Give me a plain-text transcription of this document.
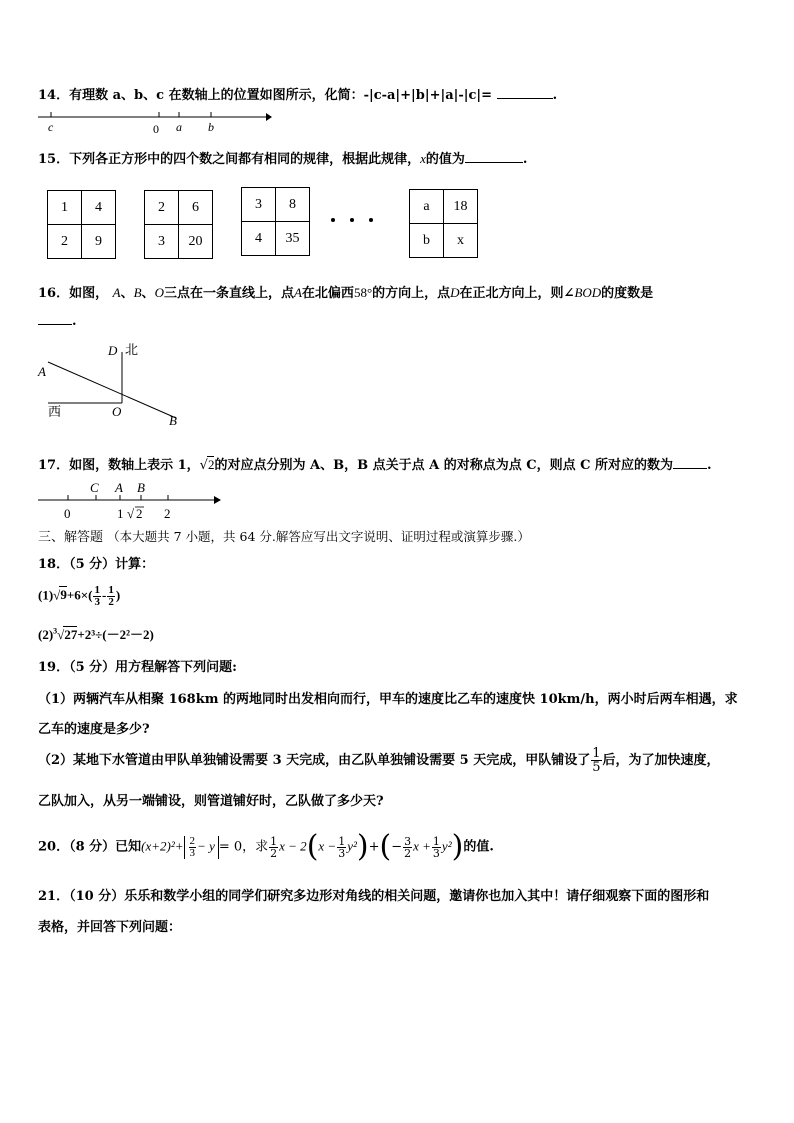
14．有理数 a、b、c 在数轴上的位置如图所示，化简：-|c-a|+|b|+|a|-|c|=	.
c	0 a b
15．下列各正方形中的四个数之间都有相同的规律，根据此规律，x的值为	.
1	4
2	9
2	6
3	20
3	8
4	35
a	18
b	x
16．如图， A、B、O三点在一条直线上，点A在北偏西58°的方向上，点D在正北方向上，则∠BOD的度数是
.
D 北
A
西	O
B
17．如图，数轴上表示 1，√2的对应点分别为 A、B，B 点关于点 A 的对称点为点 C，则点 C 所对应的数为	.
C A B
0	1 √ 2 2
三、解答题 （本大题共 7 小题，共 64 分.解答应写出文字说明、证明过程或演算步骤.）
18．（5 分）计算：
$(1)√9+6\times( \frac{1}{3} - \frac{1}{2}$ )
$(2)^3√27+2^3\div(-2^2-2)$
19．（5 分）用方程解答下列问题:
（1）两辆汽车从相聚 168km 的两地同时出发相向而行，甲车的速度比乙车的速度快 10km/h，两小时后两车相遇，求
乙车的速度是多少?
（2）某地下水管道由甲队单独铺设需要 3 天完成，由乙队单独铺设需要 5 天完成，甲队铺设了 $\frac{1}{5}$ 后，为了加快速度，
乙队加入，从另一端铺设，则管道铺好时，乙队做了多少天?
20．（8 分）已知$(x+2)^2+ \frac{2}{3} - y = 0$，求 $\frac{1}{2}$ $x - 2(x - \frac{1}{3} y^2)+(- \frac{3}{2}$ $x + \frac{1}{3} y^2$)的值.
21．（10 分）乐乐和数学小组的同学们研究多边形对角线的相关问题，邀请你也加入其中！请仔细观察下面的图形和
表格，并回答下列问题：
